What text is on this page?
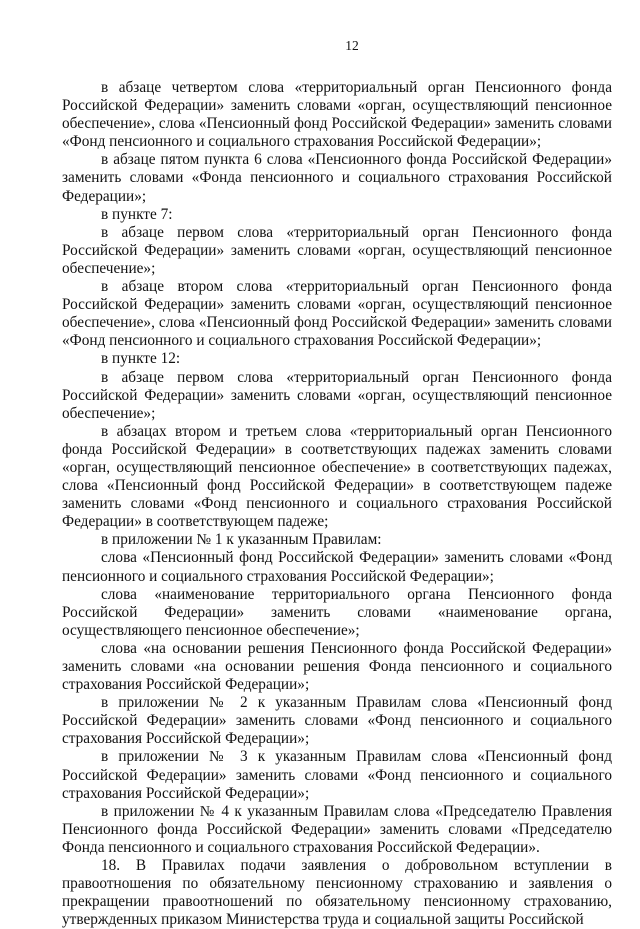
12

в абзаце четвертом слова «территориальный орган Пенсионного фонда Российской Федерации» заменить словами «орган, осуществляющий пенсионное обеспечение», слова «Пенсионный фонд Российской Федерации» заменить словами «Фонд пенсионного и социального страхования Российской Федерации»;

в абзаце пятом пункта 6 слова «Пенсионного фонда Российской Федерации» заменить словами «Фонда пенсионного и социального страхования Российской Федерации»;

в пункте 7:

в абзаце первом слова «территориальный орган Пенсионного фонда Российской Федерации» заменить словами «орган, осуществляющий пенсионное обеспечение»;

в абзаце втором слова «территориальный орган Пенсионного фонда Российской Федерации» заменить словами «орган, осуществляющий пенсионное обеспечение», слова «Пенсионный фонд Российской Федерации» заменить словами «Фонд пенсионного и социального страхования Российской Федерации»;

в пункте 12:

в абзаце первом слова «территориальный орган Пенсионного фонда Российской Федерации» заменить словами «орган, осуществляющий пенсионное обеспечение»;

в абзацах втором и третьем слова «территориальный орган Пенсионного фонда Российской Федерации» в соответствующих падежах заменить словами «орган, осуществляющий пенсионное обеспечение» в соответствующих падежах, слова «Пенсионный фонд Российской Федерации» в соответствующем падеже заменить словами «Фонд пенсионного и социального страхования Российской Федерации» в соответствующем падеже;

в приложении № 1 к указанным Правилам:

слова «Пенсионный фонд Российской Федерации» заменить словами «Фонд пенсионного и социального страхования Российской Федерации»;

слова «наименование территориального органа Пенсионного фонда Российской Федерации» заменить словами «наименование органа, осуществляющего пенсионное обеспечение»;

слова «на основании решения Пенсионного фонда Российской Федерации» заменить словами «на основании решения Фонда пенсионного и социального страхования Российской Федерации»;

в приложении № 2 к указанным Правилам слова «Пенсионный фонд Российской Федерации» заменить словами «Фонд пенсионного и социального страхования Российской Федерации»;

в приложении № 3 к указанным Правилам слова «Пенсионный фонд Российской Федерации» заменить словами «Фонд пенсионного и социального страхования Российской Федерации»;

в приложении № 4 к указанным Правилам слова «Председателю Правления Пенсионного фонда Российской Федерации» заменить словами «Председателю Фонда пенсионного и социального страхования Российской Федерации».

18. В Правилах подачи заявления о добровольном вступлении в правоотношения по обязательному пенсионному страхованию и заявления о прекращении правоотношений по обязательному пенсионному страхованию, утвержденных приказом Министерства труда и социальной защиты Российской
